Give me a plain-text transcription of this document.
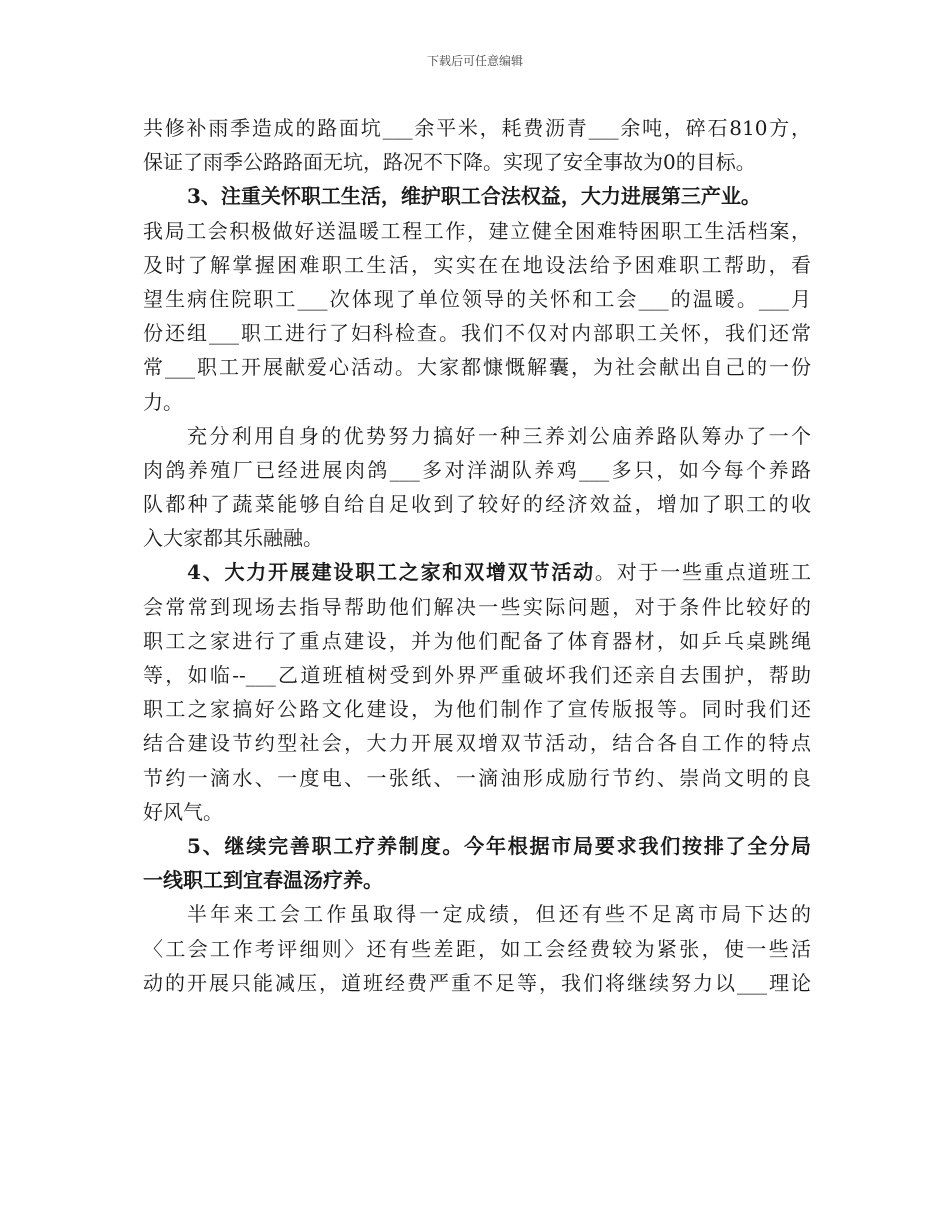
下载后可任意编辑
共修补雨季造成的路面坑___余平米，耗费沥青___余吨，碎石810方，
保证了雨季公路路面无坑，路况不下降。实现了安全事故为0的目标。
3、注重关怀职工生活，维护职工合法权益，大力进展第三产业。
我局工会积极做好送温暖工程工作，建立健全困难特困职工生活档案，
及时了解掌握困难职工生活，实实在在地设法给予困难职工帮助，看
望生病住院职工___次体现了单位领导的关怀和工会___的温暖。___月
份还组___职工进行了妇科检查。我们不仅对内部职工关怀，我们还常
常___职工开展献爱心活动。大家都慷慨解囊，为社会献出自己的一份
力。
充分利用自身的优势努力搞好一种三养刘公庙养路队筹办了一个
肉鸽养殖厂已经进展肉鸽___多对洋湖队养鸡___多只，如今每个养路
队都种了蔬菜能够自给自足收到了较好的经济效益，增加了职工的收
入大家都其乐融融。
4、大力开展建设职工之家和双增双节活动。对于一些重点道班工
会常常到现场去指导帮助他们解决一些实际问题，对于条件比较好的
职工之家进行了重点建设，并为他们配备了体育器材，如乒乓桌跳绳
等，如临--___乙道班植树受到外界严重破坏我们还亲自去围护，帮助
职工之家搞好公路文化建设，为他们制作了宣传版报等。同时我们还
结合建设节约型社会，大力开展双增双节活动，结合各自工作的特点
节约一滴水、一度电、一张纸、一滴油形成励行节约、崇尚文明的良
好风气。
5、继续完善职工疗养制度。今年根据市局要求我们按排了全分局
一线职工到宜春温汤疗养。
半年来工会工作虽取得一定成绩，但还有些不足离市局下达的
〈工会工作考评细则〉还有些差距，如工会经费较为紧张，使一些活
动的开展只能减压，道班经费严重不足等，我们将继续努力以___理论
